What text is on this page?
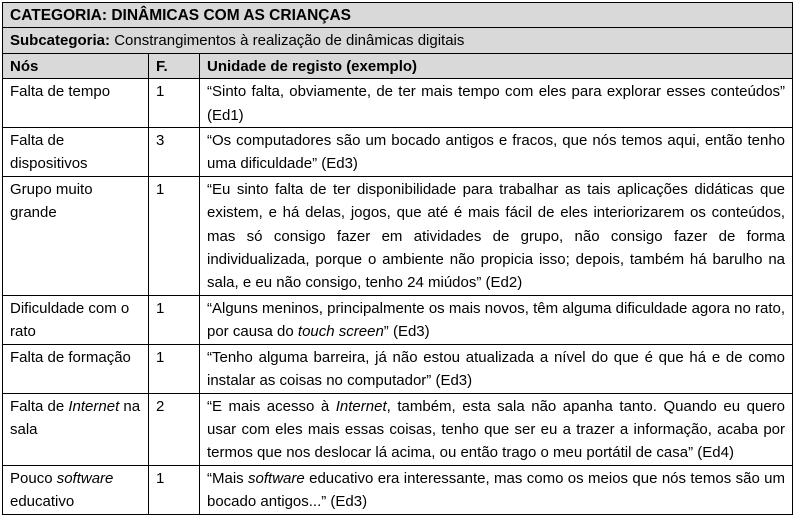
CATEGORIA: DINÂMICAS COM AS CRIANÇAS		
Subcategoria: Constrangimentos à realização de dinâmicas digitais		
Nós	F.	Unidade de registo (exemplo)
Falta de tempo	1	“Sinto falta, obviamente, de ter mais tempo com eles para explorar esses conteúdos” (Ed1)
Falta de dispositivos	3	“Os computadores são um bocado antigos e fracos, que nós temos aqui, então tenho uma dificuldade” (Ed3)
Grupo muito grande	1	“Eu sinto falta de ter disponibilidade para trabalhar as tais aplicações didáticas que existem, e há delas, jogos, que até é mais fácil de eles interiorizarem os conteúdos, mas só consigo fazer em atividades de grupo, não consigo fazer de forma individualizada, porque o ambiente não propicia isso; depois, também há barulho na sala, e eu não consigo, tenho 24 miúdos” (Ed2)
Dificuldade com o rato	1	“Alguns meninos, principalmente os mais novos, têm alguma dificuldade agora no rato, por causa do touch screen” (Ed3)
Falta de formação	1	“Tenho alguma barreira, já não estou atualizada a nível do que é que há e de como instalar as coisas no computador” (Ed3)
Falta de Internet na sala	2	“E mais acesso à Internet, também, esta sala não apanha tanto. Quando eu quero usar com eles mais essas coisas, tenho que ser eu a trazer a informação, acaba por termos que nos deslocar lá acima, ou então trago o meu portátil de casa” (Ed4)
Pouco software educativo	1	“Mais software educativo era interessante, mas como os meios que nós temos são um bocado antigos...” (Ed3)
